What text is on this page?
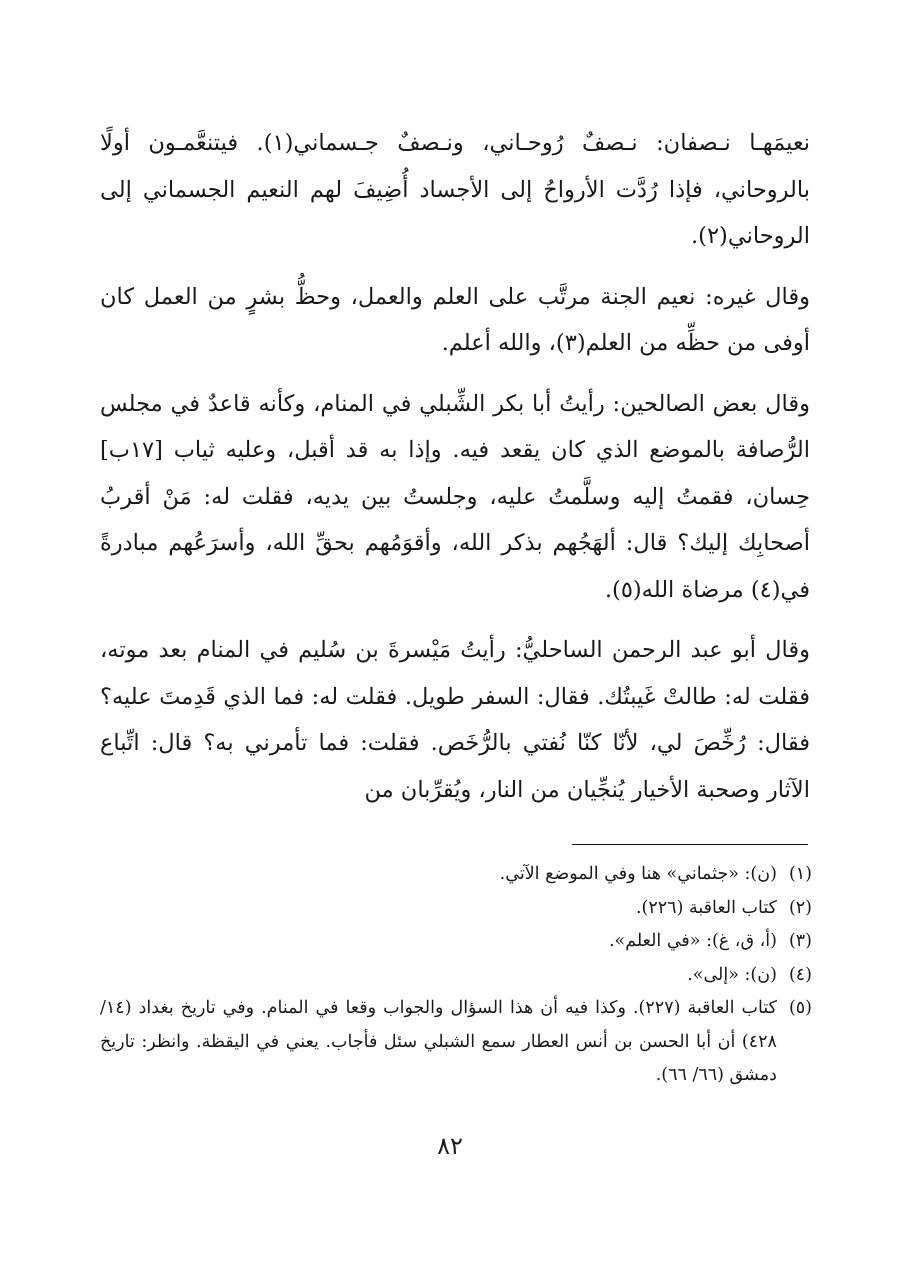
نعيمَهـا نـصفان: نـصفٌ رُوحـاني، ونـصفٌ جـسماني(١). فيتنعَّمـون أولًا بالروحاني، فإذا رُدَّت الأرواحُ إلى الأجساد أُضِيفَ لهم النعيم الجسماني إلى الروحاني(٢).

وقال غيره: نعيم الجنة مرتَّب على العلم والعمل، وحظُّ بشرٍ من العمل كان أوفى من حظِّه من العلم(٣)، والله أعلم.

وقال بعض الصالحين: رأيتُ أبا بكر الشِّبلي في المنام، وكأنه قاعدٌ في مجلس الرُّصافة بالموضع الذي كان يقعد فيه. وإذا به قد أقبل، وعليه ثياب [١٧ب] حِسان، فقمتُ إليه وسلَّمتُ عليه، وجلستُ بين يديه، فقلت له: مَنْ أقربُ أصحابِك إليك؟ قال: ألهَجُهم بذكر الله، وأقوَمُهم بحقِّ الله، وأسرَعُهم مبادرةً في(٤) مرضاة الله(٥).

وقال أبو عبد الرحمن الساحليُّ: رأيتُ مَيْسرةَ بن سُليم في المنام بعد موته، فقلت له: طالتْ غَيبتُك. فقال: السفر طويل. فقلت له: فما الذي قَدِمتَ عليه؟ فقال: رُخِّصَ لي، لأنّا كنّا نُفتي بالرُّخَص. فقلت: فما تأمرني به؟ قال: اتِّباع الآثار وصحبة الأخيار يُنجِّيان من النار، ويُقرِّبان من

(١)
(ن): «جثماني» هنا وفي الموضع الآتي.
(٢)
كتاب العاقبة (٢٢٦).
(٣)
(أ، ق، غ): «في العلم».
(٤)
(ن): «إلى».
(٥)
كتاب العاقبة (٢٢٧). وكذا فيه أن هذا السؤال والجواب وقعا في المنام. وفي تاريخ بغداد (١٤/ ٤٢٨) أن أبا الحسن بن أنس العطار سمع الشبلي سئل فأجاب. يعني في اليقظة. وانظر: تاريخ دمشق (٦٦/ ٦٦).
٨٢
